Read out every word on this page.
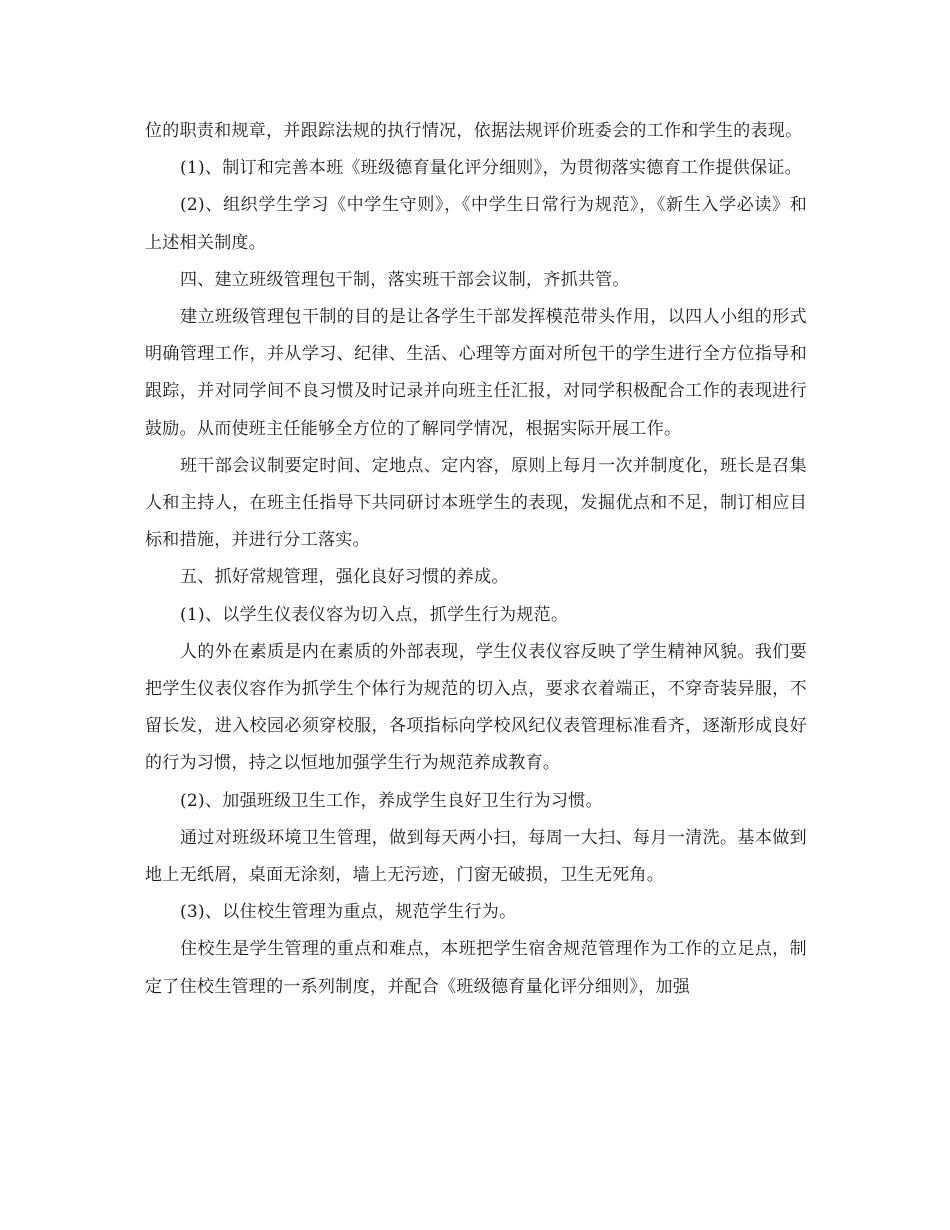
位的职责和规章，并跟踪法规的执行情况，依据法规评价班委会的工作和学生的表现。

(1)、制订和完善本班《班级德育量化评分细则》，为贯彻落实德育工作提供保证。

(2)、组织学生学习《中学生守则》，《中学生日常行为规范》，《新生入学必读》和上述相关制度。

四、建立班级管理包干制，落实班干部会议制，齐抓共管。

建立班级管理包干制的目的是让各学生干部发挥模范带头作用，以四人小组的形式明确管理工作，并从学习、纪律、生活、心理等方面对所包干的学生进行全方位指导和跟踪，并对同学间不良习惯及时记录并向班主任汇报，对同学积极配合工作的表现进行鼓励。从而使班主任能够全方位的了解同学情况，根据实际开展工作。

班干部会议制要定时间、定地点、定内容，原则上每月一次并制度化，班长是召集人和主持人，在班主任指导下共同研讨本班学生的表现，发掘优点和不足，制订相应目标和措施，并进行分工落实。

五、抓好常规管理，强化良好习惯的养成。

(1)、以学生仪表仪容为切入点，抓学生行为规范。

人的外在素质是内在素质的外部表现，学生仪表仪容反映了学生精神风貌。我们要把学生仪表仪容作为抓学生个体行为规范的切入点，要求衣着端正，不穿奇装异服，不留长发，进入校园必须穿校服，各项指标向学校风纪仪表管理标准看齐，逐渐形成良好的行为习惯，持之以恒地加强学生行为规范养成教育。

(2)、加强班级卫生工作，养成学生良好卫生行为习惯。

通过对班级环境卫生管理，做到每天两小扫，每周一大扫、每月一清洗。基本做到地上无纸屑，桌面无涂刻，墙上无污迹，门窗无破损，卫生无死角。

(3)、以住校生管理为重点，规范学生行为。

住校生是学生管理的重点和难点，本班把学生宿舍规范管理作为工作的立足点，制定了住校生管理的一系列制度，并配合《班级德育量化评分细则》，加强
